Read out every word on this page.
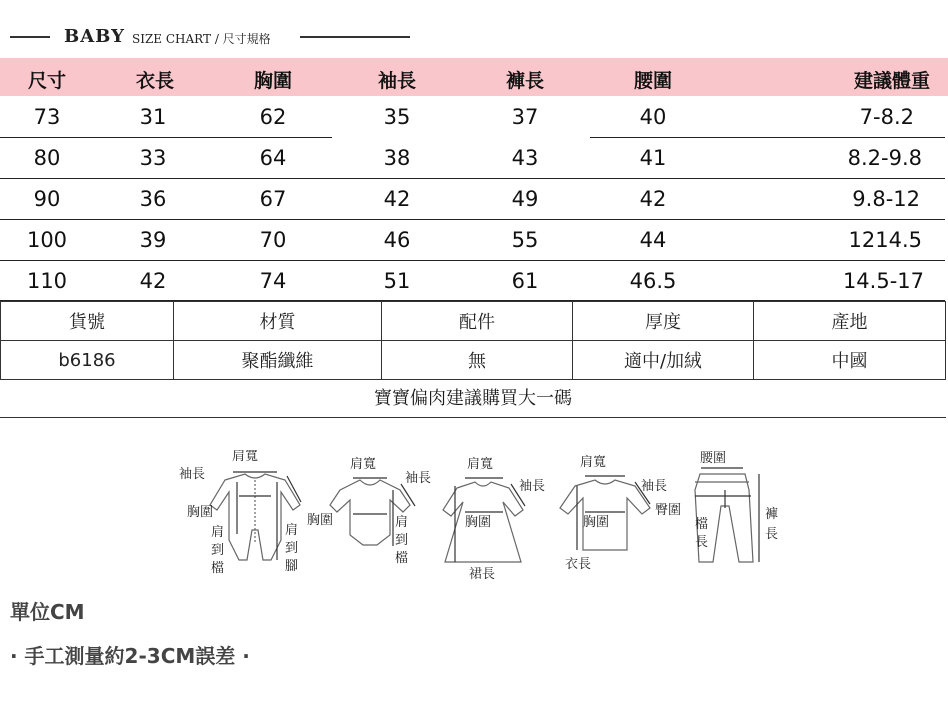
BABY SIZE CHART / 尺寸規格
尺寸	衣長	胸圍	袖長	褲長	腰圍	建議體重
73	31	62	35	37	40	7-8.2
80	33	64	38	43	41	8.2-9.8
90	36	67	42	49	42	9.8-12
100	39	70	46	55	44	1214.5
110	42	74	51	61	46.5	14.5-17
貨號	材質	配件	厚度	產地
b6186	聚酯纖維	無	適中/加絨	中國
寶寶偏肉建議購買大一碼
肩寬
袖長
胸圍
肩
到
檔
肩
到
腳
肩寬
袖長
胸圍	肩
到
檔
肩寬
袖長
胸圍
裙長
肩寬
袖長
胸圍
衣長
腰圍
臀圍
檔
長
褲
長
單位CM
· 手工測量約2-3CM誤差 ·
